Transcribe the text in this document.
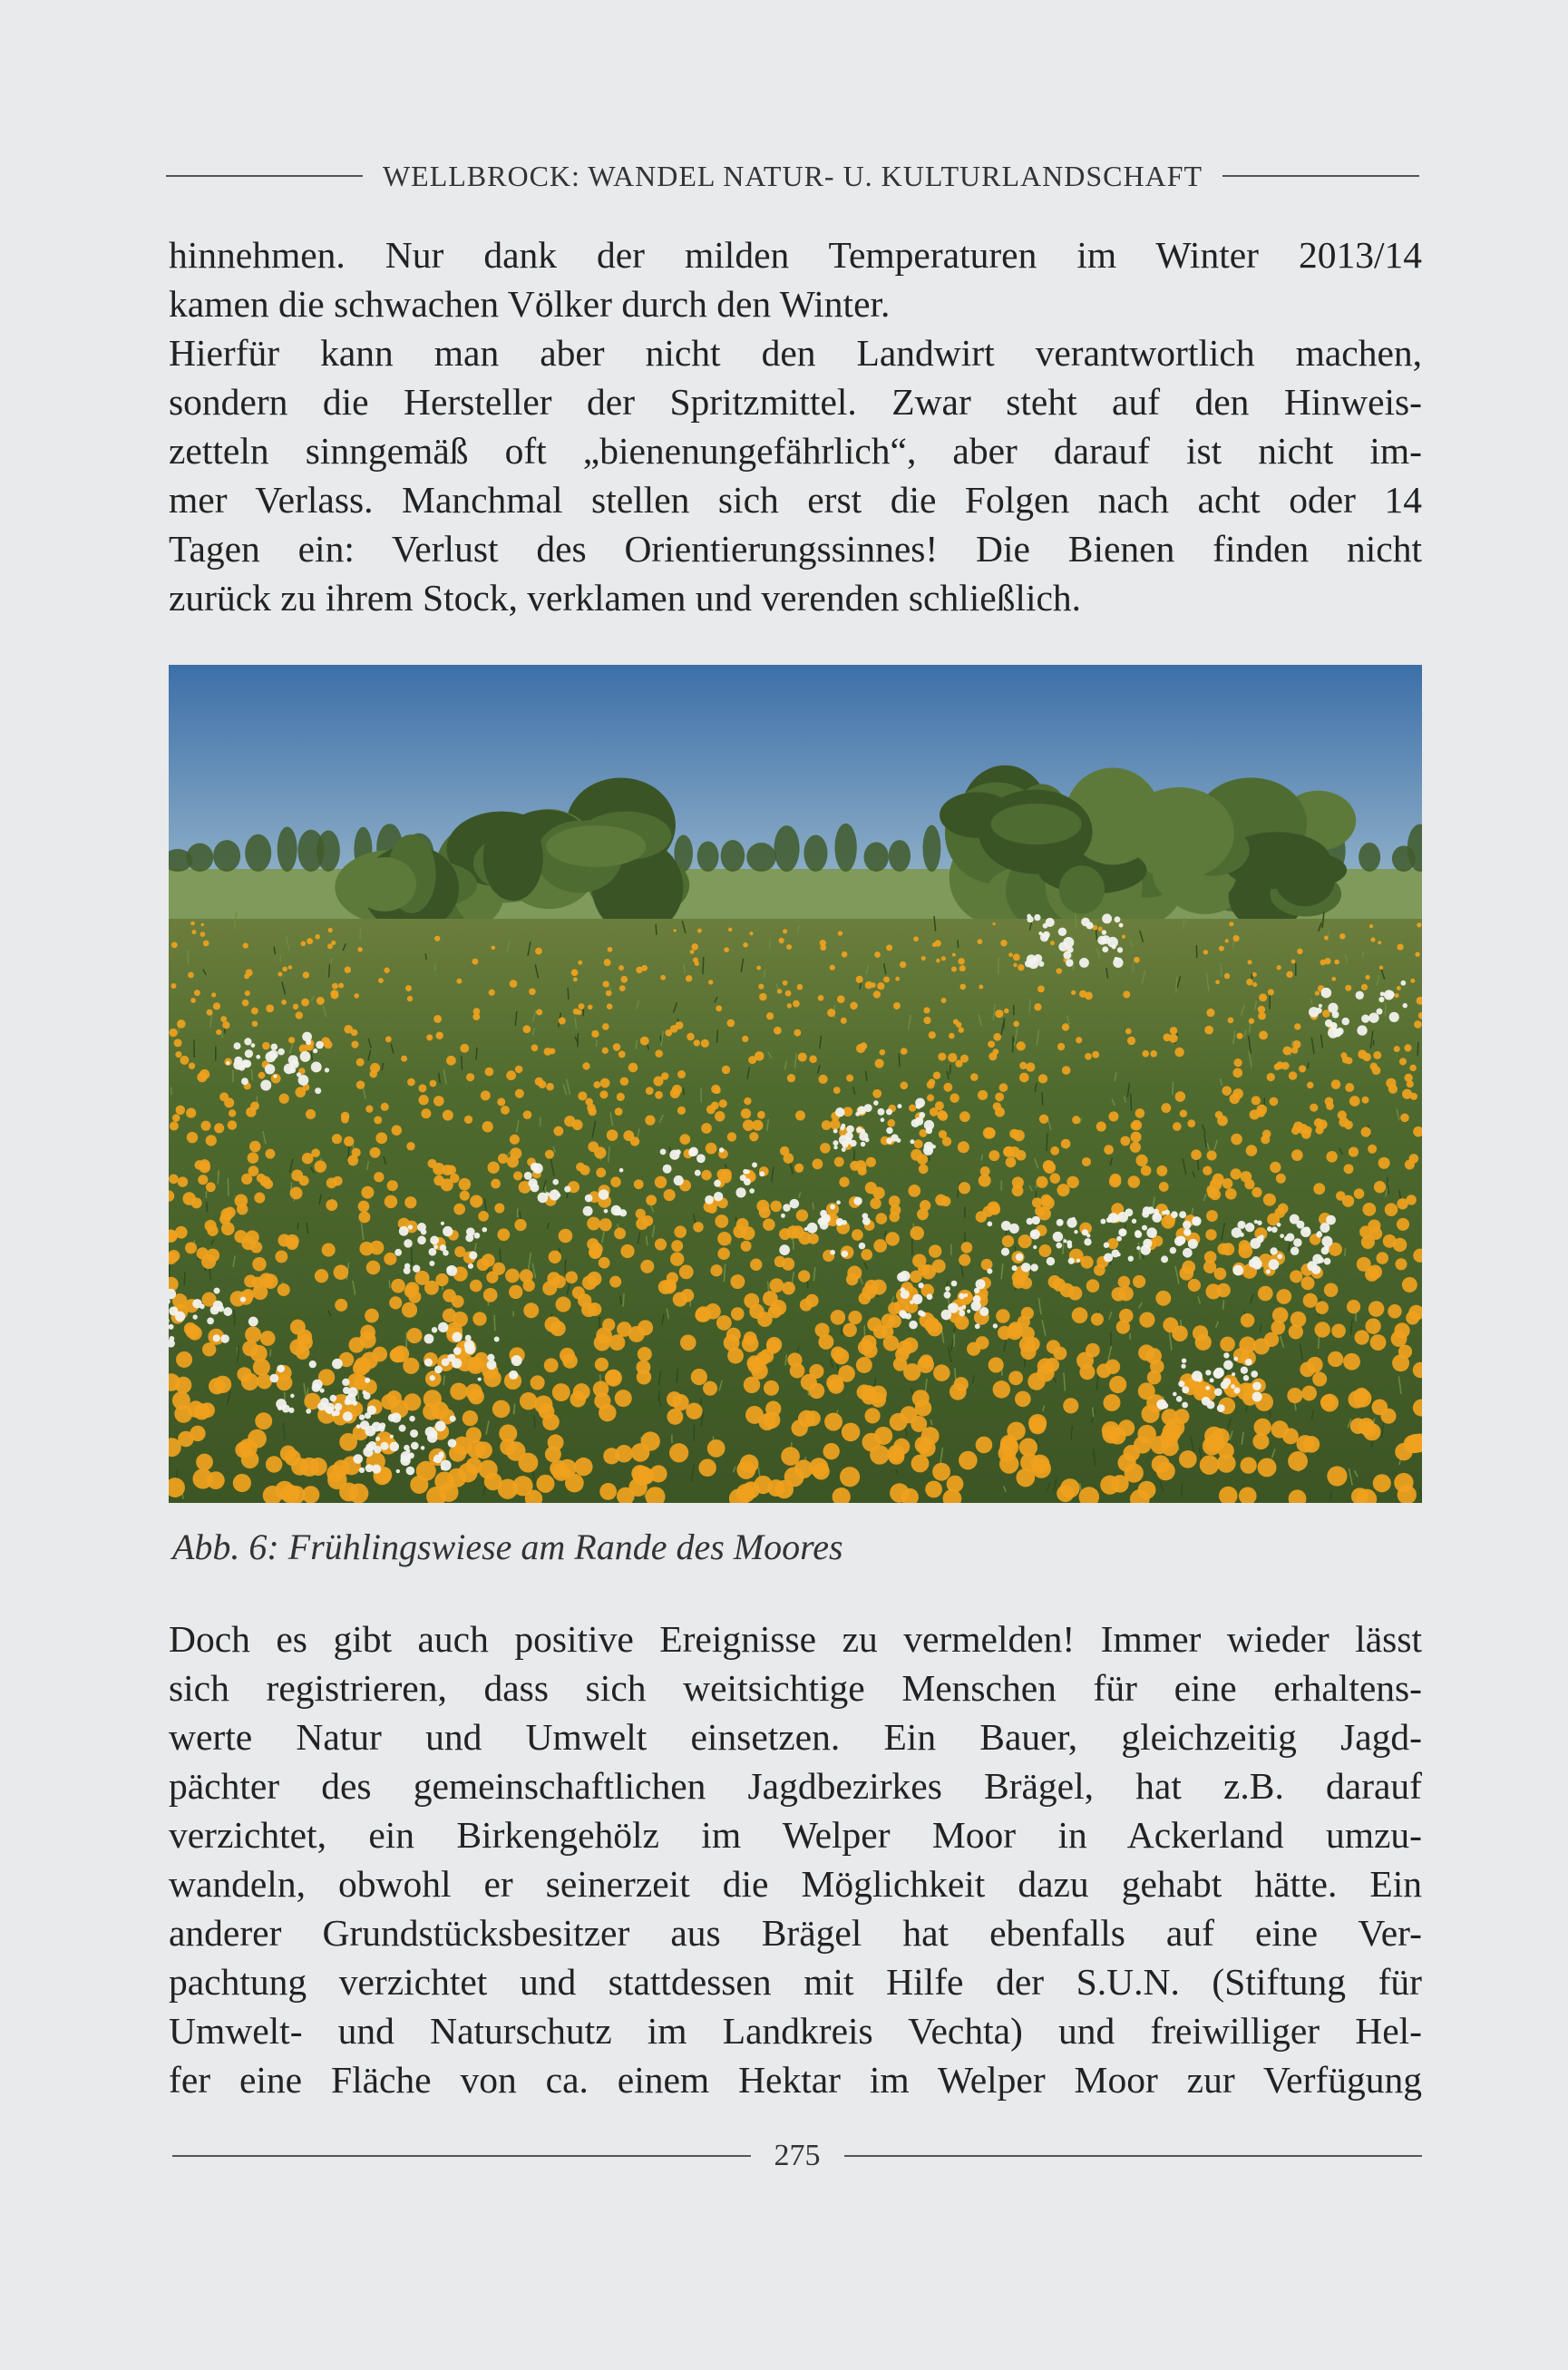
WELLBROCK: WANDEL NATUR- U. KULTURLANDSCHAFT
hinnehmen. Nur dank der milden Temperaturen im Winter 2013/14
kamen die schwachen Völker durch den Winter.
Hierfür kann man aber nicht den Landwirt verantwortlich machen,
sondern die Hersteller der Spritzmittel. Zwar steht auf den Hinweis-
zetteln sinngemäß oft „bienenungefährlich“, aber darauf ist nicht im-
mer Verlass. Manchmal stellen sich erst die Folgen nach acht oder 14
Tagen ein: Verlust des Orientierungssinnes! Die Bienen finden nicht
zurück zu ihrem Stock, verklamen und verenden schließlich.
Abb. 6: Frühlingswiese am Rande des Moores
Doch es gibt auch positive Ereignisse zu vermelden! Immer wieder lässt
sich registrieren, dass sich weitsichtige Menschen für eine erhaltens-
werte Natur und Umwelt einsetzen. Ein Bauer, gleichzeitig Jagd-
pächter des gemeinschaftlichen Jagdbezirkes Brägel, hat z.B. darauf
verzichtet, ein Birkengehölz im Welper Moor in Ackerland umzu-
wandeln, obwohl er seinerzeit die Möglichkeit dazu gehabt hätte. Ein
anderer Grundstücksbesitzer aus Brägel hat ebenfalls auf eine Ver-
pachtung verzichtet und stattdessen mit Hilfe der S.U.N. (Stiftung für
Umwelt- und Naturschutz im Landkreis Vechta) und freiwilliger Hel-
fer eine Fläche von ca. einem Hektar im Welper Moor zur Verfügung
275
